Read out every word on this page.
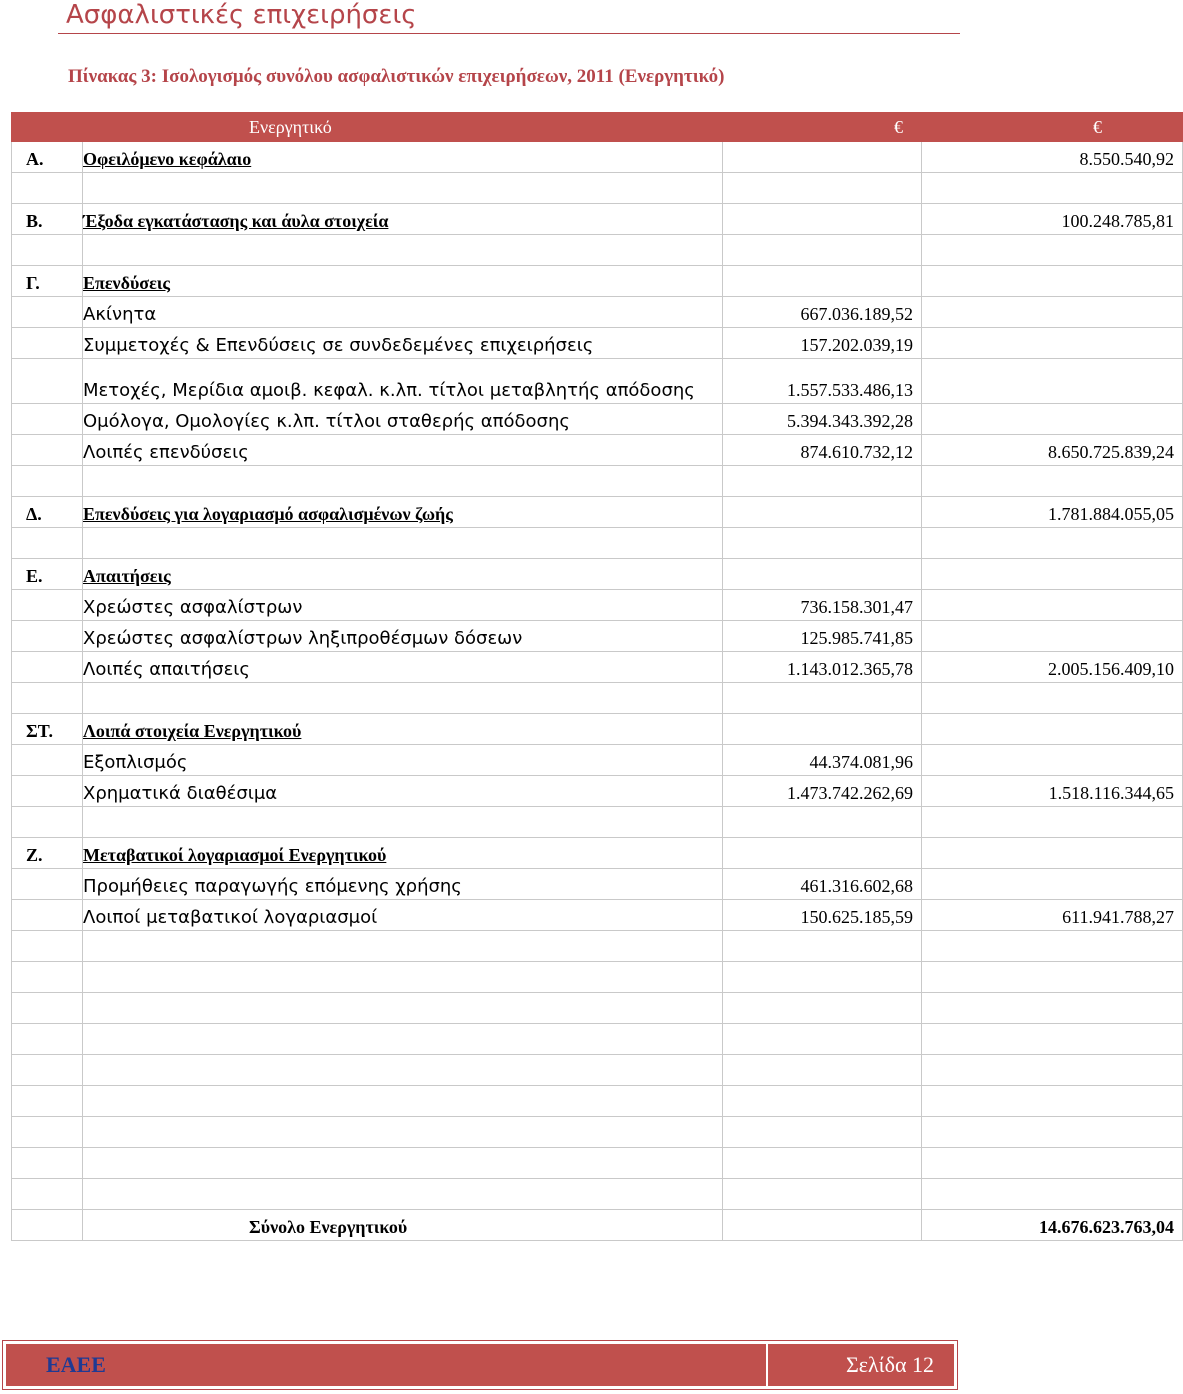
Ασφαλιστικές επιχειρήσεις
Πίνακας 3: Ισολογισμός συνόλου ασφαλιστικών επιχειρήσεων, 2011 (Ενεργητικό)
	Ενεργητικό	€	€
Α.	Οφειλόμενο κεφάλαιο		8.550.540,92

Β.	Έξοδα εγκατάστασης και άυλα στοιχεία		100.248.785,81

Γ.	Επενδύσεις		
	Ακίνητα	667.036.189,52	
	Συμμετοχές & Επενδύσεις σε συνδεδεμένες επιχειρήσεις	157.202.039,19	
	Μετοχές, Μερίδια αμοιβ. κεφαλ. κ.λπ. τίτλοι μεταβλητής απόδοσης	1.557.533.486,13	
	Ομόλογα, Ομολογίες κ.λπ. τίτλοι σταθερής απόδοσης	5.394.343.392,28	
	Λοιπές επενδύσεις	874.610.732,12	8.650.725.839,24

Δ.	Επενδύσεις για λογαριασμό ασφαλισμένων ζωής		1.781.884.055,05

Ε.	Απαιτήσεις		
	Χρεώστες ασφαλίστρων	736.158.301,47	
	Χρεώστες ασφαλίστρων ληξιπροθέσμων δόσεων	125.985.741,85	
	Λοιπές απαιτήσεις	1.143.012.365,78	2.005.156.409,10

ΣΤ.	Λοιπά στοιχεία Ενεργητικού		
	Εξοπλισμός	44.374.081,96	
	Χρηματικά διαθέσιμα	1.473.742.262,69	1.518.116.344,65

Ζ.	Μεταβατικοί λογαριασμοί Ενεργητικού		
	Προμήθειες παραγωγής επόμενης χρήσης	461.316.602,68	
	Λοιποί μεταβατικοί λογαριασμοί	150.625.185,59	611.941.788,27

	Σύνολο Ενεργητικού		14.676.623.763,04
ΕΑΕΕ	Σελίδα 12
